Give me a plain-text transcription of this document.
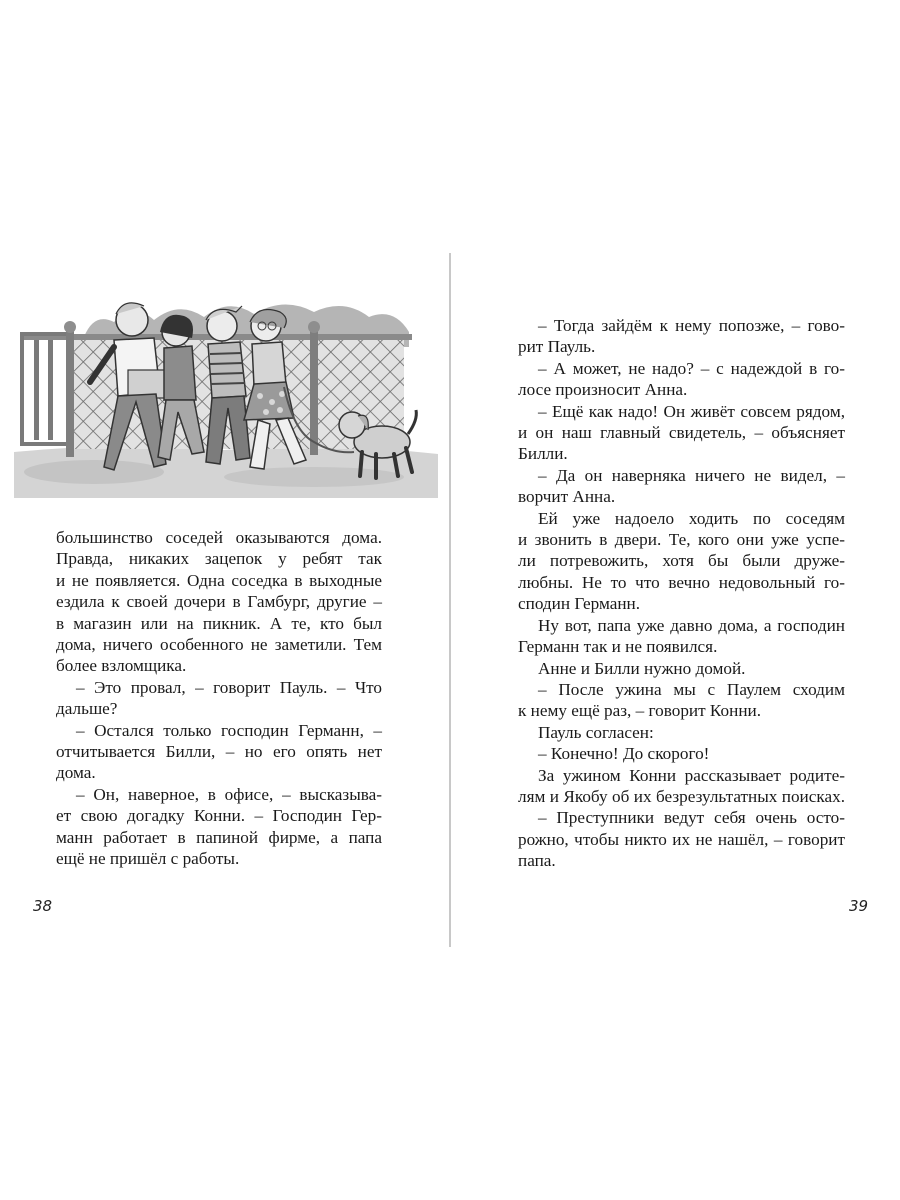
большинство соседей оказываются дома.
Правда, никаких зацепок у ребят так
и не появляется. Одна соседка в выходные
ездила к своей дочери в Гамбург, другие –
в магазин или на пикник. А те, кто был
дома, ничего особенного не заметили. Тем
более взломщика.
– Это провал, – говорит Пауль. – Что
дальше?
– Остался только господин Германн, –
отчитывается Билли, – но его опять нет
дома.
– Он, наверное, в офисе, – высказыва-
ет свою догадку Конни. – Господин Гер-
манн работает в папиной фирме, а папа
ещё не пришёл с работы.
38
– Тогда зайдём к нему попозже, – гово-
рит Пауль.
– А может, не надо? – с надеждой в го-
лосе произносит Анна.
– Ещё как надо! Он живёт совсем рядом,
и он наш главный свидетель, – объясняет
Билли.
– Да он наверняка ничего не видел, –
ворчит Анна.
Ей уже надоело ходить по соседям
и звонить в двери. Те, кого они уже успе-
ли потревожить, хотя бы были друже-
любны. Не то что вечно недовольный го-
сподин Германн.
Ну вот, папа уже давно дома, а господин
Германн так и не появился.
Анне и Билли нужно домой.
– После ужина мы с Паулем сходим
к нему ещё раз, – говорит Конни.
Пауль согласен:
– Конечно! До скорого!
За ужином Конни рассказывает родите-
лям и Якобу об их безрезультатных поисках.
– Преступники ведут себя очень осто-
рожно, чтобы никто их не нашёл, – говорит
папа.
39
